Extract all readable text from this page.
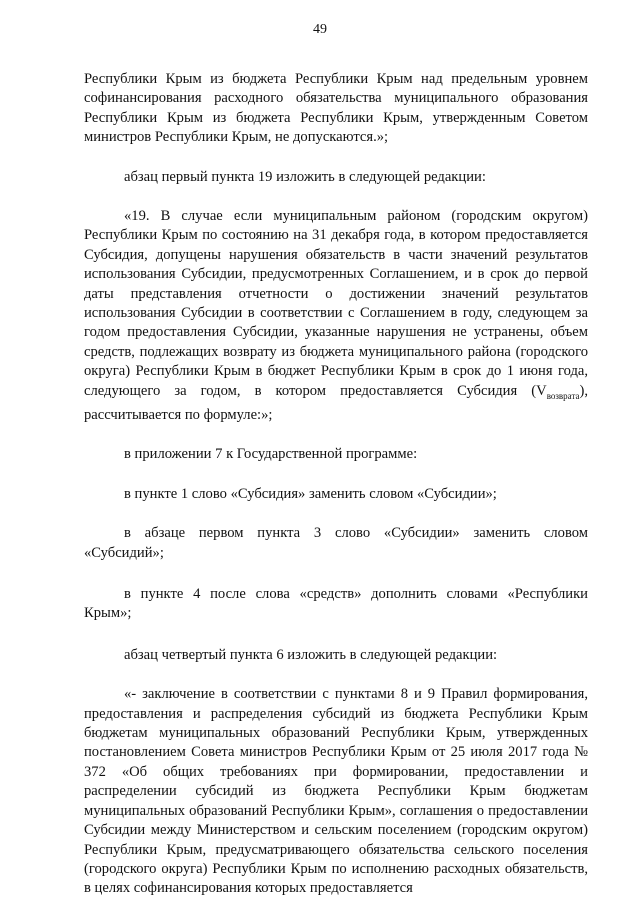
49

Республики Крым из бюджета Республики Крым над предельным уровнем софинансирования расходного обязательства муниципального образования Республики Крым из бюджета Республики Крым, утвержденным Советом министров Республики Крым, не допускаются.»;

абзац первый пункта 19 изложить в следующей редакции:

«19. В случае если муниципальным районом (городским округом) Республики Крым по состоянию на 31 декабря года, в котором предоставляется Субсидия, допущены нарушения обязательств в части значений результатов использования Субсидии, предусмотренных Соглашением, и в срок до первой даты представления отчетности о достижении значений результатов использования Субсидии в соответствии с Соглашением в году, следующем за годом предоставления Субсидии, указанные нарушения не устранены, объем средств, подлежащих возврату из бюджета муниципального района (городского округа) Республики Крым в бюджет Республики Крым в срок до 1 июня года, следующего за годом, в котором предоставляется Субсидия $(V_{возврата})$, рассчитывается по формуле:»;

в приложении 7 к Государственной программе:

в пункте 1 слово «Субсидия» заменить словом «Субсидии»;

в абзаце первом пункта 3 слово «Субсидии» заменить словом «Субсидий»;

в пункте 4 после слова «средств» дополнить словами «Республики Крым»;

абзац четвертый пункта 6 изложить в следующей редакции:

«- заключение в соответствии с пунктами 8 и 9 Правил формирования, предоставления и распределения субсидий из бюджета Республики Крым бюджетам муниципальных образований Республики Крым, утвержденных постановлением Совета министров Республики Крым от 25 июля 2017 года № 372 «Об общих требованиях при формировании, предоставлении и распределении субсидий из бюджета Республики Крым бюджетам муниципальных образований Республики Крым», соглашения о предоставлении Субсидии между Министерством и сельским поселением (городским округом) Республики Крым, предусматривающего обязательства сельского поселения (городского округа) Республики Крым по исполнению расходных обязательств, в целях софинансирования которых предоставляется
